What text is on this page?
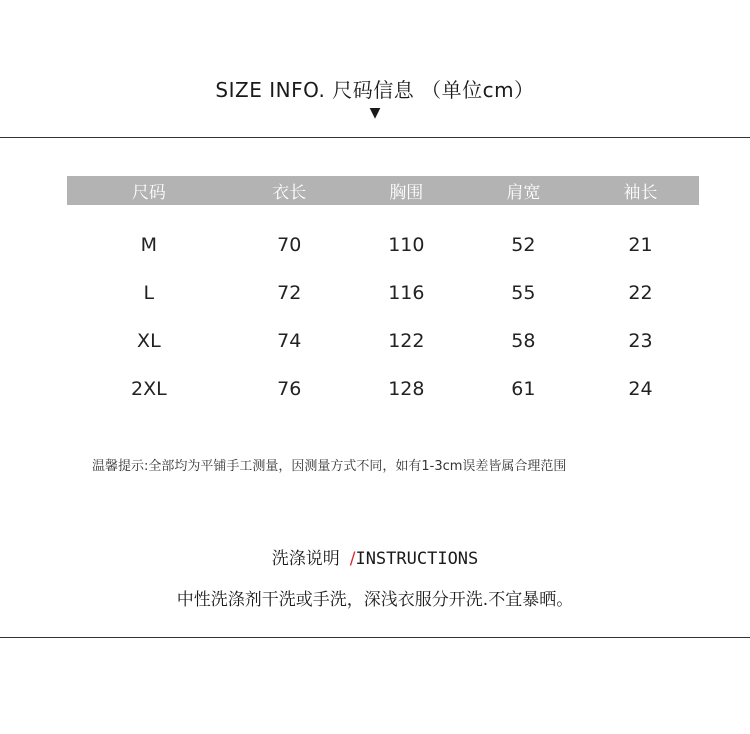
SIZE INFO. 尺码信息 （单位cm）
▼
尺码	衣长	胸围	肩宽	袖长
M	70	110	52	21
L	72	116	55	22
XL	74	122	58	23
2XL	76	128	61	24
温馨提示:全部均为平铺手工测量，因测量方式不同，如有1-3cm误差皆属合理范围
洗涤说明 /INSTRUCTIONS
中性洗涤剂干洗或手洗，深浅衣服分开洗.不宜暴晒。
